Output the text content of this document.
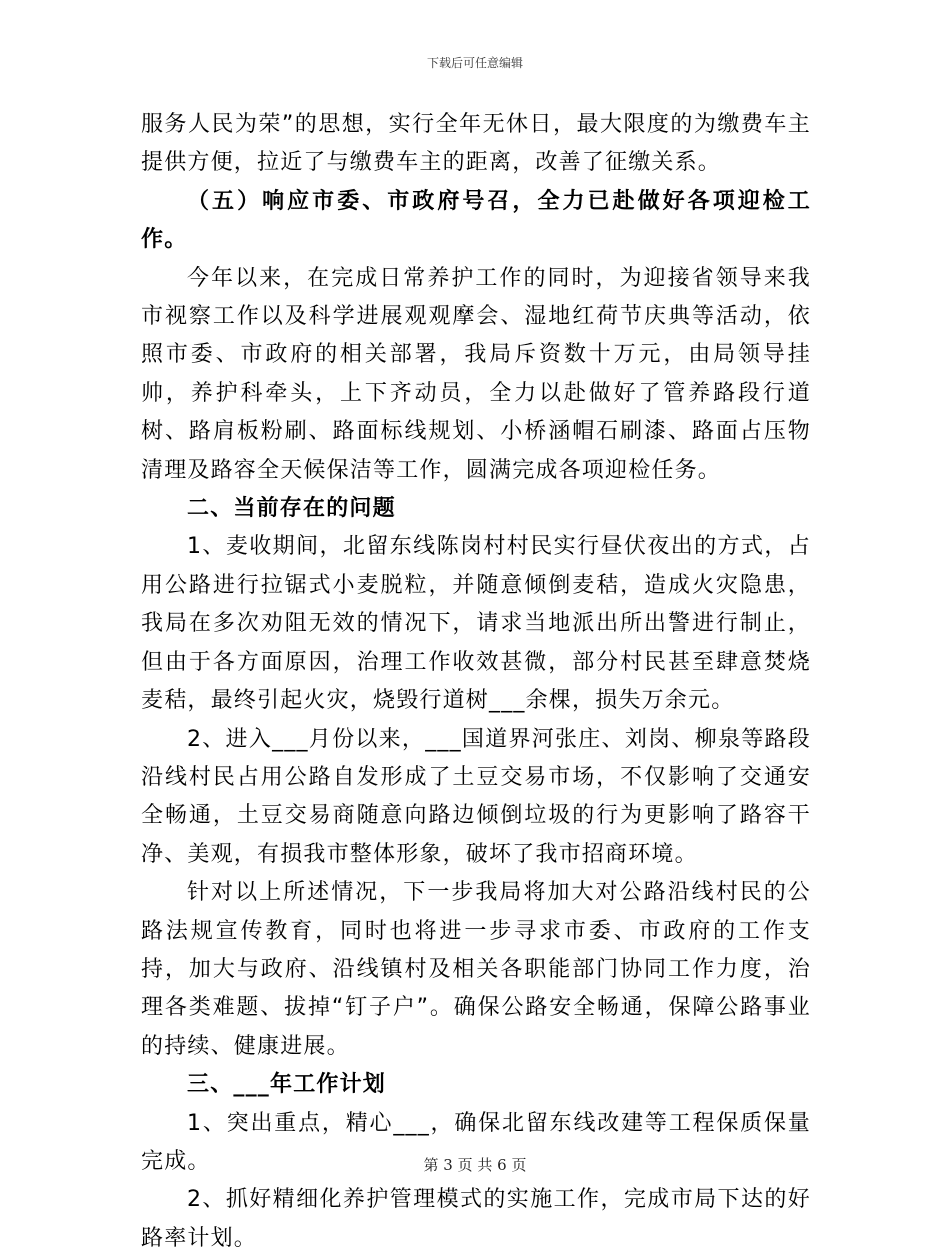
下载后可任意编辑

服务人民为荣”的思想，实行全年无休日，最大限度的为缴费车主提供方便，拉近了与缴费车主的距离，改善了征缴关系。

（五）响应市委、市政府号召，全力已赴做好各项迎检工作。

今年以来，在完成日常养护工作的同时，为迎接省领导来我市视察工作以及科学进展观观摩会、湿地红荷节庆典等活动，依照市委、市政府的相关部署，我局斥资数十万元，由局领导挂帅，养护科牵头，上下齐动员，全力以赴做好了管养路段行道树、路肩板粉刷、路面标线规划、小桥涵帽石刷漆、路面占压物清理及路容全天候保洁等工作，圆满完成各项迎检任务。

二、当前存在的问题

1、麦收期间，北留东线陈岗村村民实行昼伏夜出的方式，占用公路进行拉锯式小麦脱粒，并随意倾倒麦秸，造成火灾隐患，我局在多次劝阻无效的情况下，请求当地派出所出警进行制止，但由于各方面原因，治理工作收效甚微，部分村民甚至肆意焚烧麦秸，最终引起火灾，烧毁行道树___余棵，损失万余元。

2、进入___月份以来，___国道界河张庄、刘岗、柳泉等路段沿线村民占用公路自发形成了土豆交易市场，不仅影响了交通安全畅通，土豆交易商随意向路边倾倒垃圾的行为更影响了路容干净、美观，有损我市整体形象，破坏了我市招商环境。

针对以上所述情况，下一步我局将加大对公路沿线村民的公路法规宣传教育，同时也将进一步寻求市委、市政府的工作支持，加大与政府、沿线镇村及相关各职能部门协同工作力度，治理各类难题、拔掉“钉子户”。确保公路安全畅通，保障公路事业的持续、健康进展。

三、___年工作计划

1、突出重点，精心___，确保北留东线改建等工程保质保量完成。

2、抓好精细化养护管理模式的实施工作，完成市局下达的好路率计划。

第 3 页 共 6 页
